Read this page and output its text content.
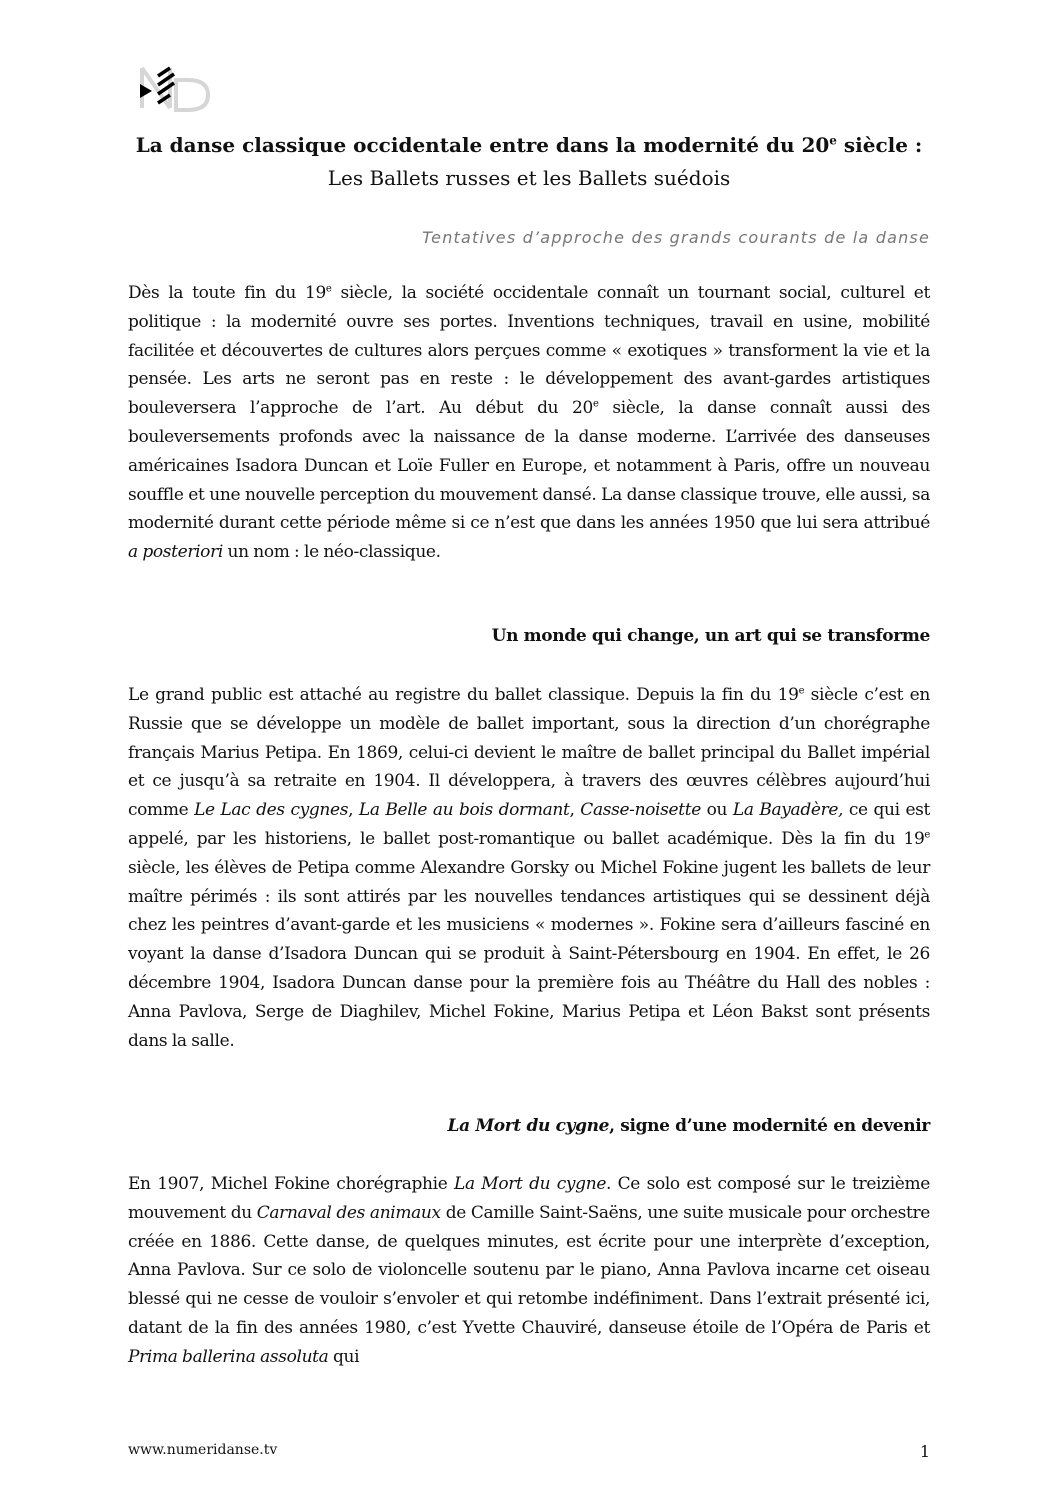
La danse classique occidentale entre dans la modernité du 20e siècle :

Les Ballets russes et les Ballets suédois

Tentatives d’approche des grands courants de la danse

Dès la toute fin du 19e siècle, la société occidentale connaît un tournant social, culturel et politique : la modernité ouvre ses portes. Inventions techniques, travail en usine, mobilité facilitée et découvertes de cultures alors perçues comme « exotiques » transforment la vie et la pensée. Les arts ne seront pas en reste : le développement des avant-gardes artistiques bouleversera l’approche de l’art. Au début du 20e siècle, la danse connaît aussi des bouleversements profonds avec la naissance de la danse moderne. L’arrivée des danseuses américaines Isadora Duncan et Loïe Fuller en Europe, et notamment à Paris, offre un nouveau souffle et une nouvelle perception du mouvement dansé. La danse classique trouve, elle aussi, sa modernité durant cette période même si ce n’est que dans les années 1950 que lui sera attribué a posteriori un nom : le néo-classique.

Un monde qui change, un art qui se transforme

Le grand public est attaché au registre du ballet classique. Depuis la fin du 19e siècle c’est en Russie que se développe un modèle de ballet important, sous la direction d’un chorégraphe français Marius Petipa. En 1869, celui-ci devient le maître de ballet principal du Ballet impérial et ce jusqu’à sa retraite en 1904. Il développera, à travers des œuvres célèbres aujourd’hui comme Le Lac des cygnes, La Belle au bois dormant, Casse-noisette ou La Bayadère, ce qui est appelé, par les historiens, le ballet post-romantique ou ballet académique. Dès la fin du 19e siècle, les élèves de Petipa comme Alexandre Gorsky ou Michel Fokine jugent les ballets de leur maître périmés : ils sont attirés par les nouvelles tendances artistiques qui se dessinent déjà chez les peintres d’avant-garde et les musiciens « modernes ». Fokine sera d’ailleurs fasciné en voyant la danse d’Isadora Duncan qui se produit à Saint-Pétersbourg en 1904. En effet, le 26 décembre 1904, Isadora Duncan danse pour la première fois au Théâtre du Hall des nobles : Anna Pavlova, Serge de Diaghilev, Michel Fokine, Marius Petipa et Léon Bakst sont présents dans la salle.

La Mort du cygne, signe d’une modernité en devenir

En 1907, Michel Fokine chorégraphie La Mort du cygne. Ce solo est composé sur le treizième mouvement du Carnaval des animaux de Camille Saint-Saëns, une suite musicale pour orchestre créée en 1886. Cette danse, de quelques minutes, est écrite pour une interprète d’exception, Anna Pavlova. Sur ce solo de violoncelle soutenu par le piano, Anna Pavlova incarne cet oiseau blessé qui ne cesse de vouloir s’envoler et qui retombe indéfiniment. Dans l’extrait présenté ici, datant de la fin des années 1980, c’est Yvette Chauviré, danseuse étoile de l’Opéra de Paris et Prima ballerina assoluta qui

www.numeridanse.tv	1
